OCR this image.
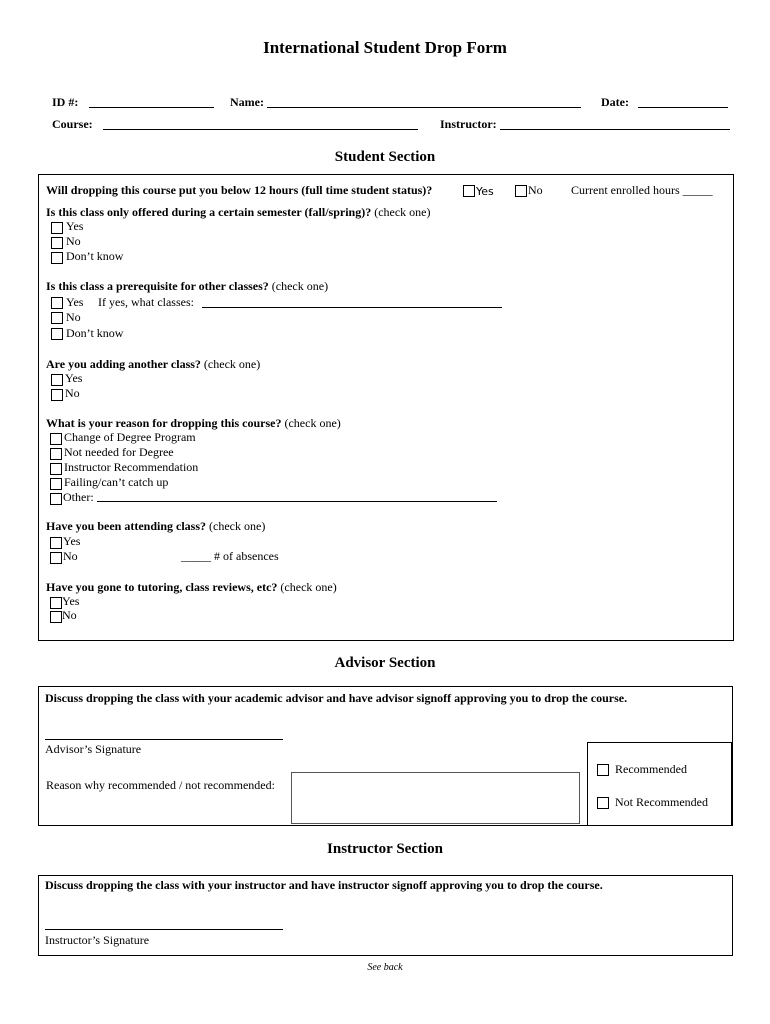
International Student Drop Form
ID #:	Name:	Date:
Course:	Instructor:
Student Section
Will dropping this course put you below 12 hours (full time student status)?	Yes	No Current enrolled hours _____
Is this class only offered during a certain semester (fall/spring)? (check one)
Yes
No
Don’t know
Is this class a prerequisite for other classes? (check one)
Yes If yes, what classes:
No
Don’t know
Are you adding another class? (check one)
Yes
No
What is your reason for dropping this course? (check one)
Change of Degree Program
Not needed for Degree
Instructor Recommendation
Failing/can’t catch up
Other:
Have you been attending class? (check one)
Yes
No	_____ # of absences
Have you gone to tutoring, class reviews, etc? (check one)
Yes
No
Advisor Section
Discuss dropping the class with your academic advisor and have advisor signoff approving you to drop the course.
Advisor’s Signature
Reason why recommended / not recommended:
Recommended
Not Recommended
Instructor Section
Discuss dropping the class with your instructor and have instructor signoff approving you to drop the course.
Instructor’s Signature
See back
